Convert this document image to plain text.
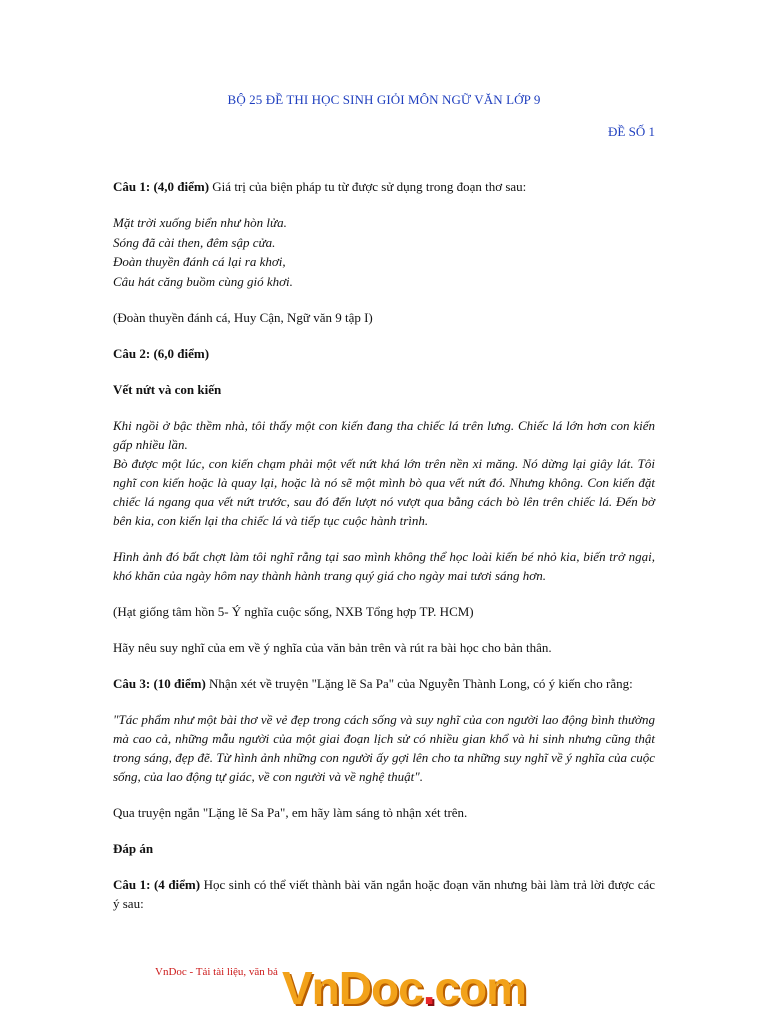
BỘ 25 ĐỀ THI HỌC SINH GIỎI MÔN NGỮ VĂN LỚP 9
ĐỀ SỐ 1

Câu 1: (4,0 điểm) Giá trị của biện pháp tu từ được sử dụng trong đoạn thơ sau:

Mặt trời xuống biển như hòn lửa.
Sóng đã cài then, đêm sập cửa.
Đoàn thuyền đánh cá lại ra khơi,
Câu hát căng buồm cùng gió khơi.

(Đoàn thuyền đánh cá, Huy Cận, Ngữ văn 9 tập I)

Câu 2: (6,0 điểm)

Vết nứt và con kiến

Khi ngồi ở bậc thềm nhà, tôi thấy một con kiến đang tha chiếc lá trên lưng. Chiếc lá lớn hơn con kiến gấp nhiều lần.
Bò được một lúc, con kiến chạm phải một vết nứt khá lớn trên nền xi măng. Nó dừng lại giây lát. Tôi nghĩ con kiến hoặc là quay lại, hoặc là nó sẽ một mình bò qua vết nứt đó. Nhưng không. Con kiến đặt chiếc lá ngang qua vết nứt trước, sau đó đến lượt nó vượt qua bằng cách bò lên trên chiếc lá. Đến bờ bên kia, con kiến lại tha chiếc lá và tiếp tục cuộc hành trình.

Hình ảnh đó bất chợt làm tôi nghĩ rằng tại sao mình không thể học loài kiến bé nhỏ kia, biến trở ngại, khó khăn của ngày hôm nay thành hành trang quý giá cho ngày mai tươi sáng hơn.

(Hạt giống tâm hồn 5- Ý nghĩa cuộc sống, NXB Tổng hợp TP. HCM)

Hãy nêu suy nghĩ của em về ý nghĩa của văn bản trên và rút ra bài học cho bản thân.

Câu 3: (10 điểm) Nhận xét về truyện "Lặng lẽ Sa Pa" của Nguyễn Thành Long, có ý kiến cho rằng:

"Tác phẩm như một bài thơ về vẻ đẹp trong cách sống và suy nghĩ của con người lao động bình thường mà cao cả, những mẫu người của một giai đoạn lịch sử có nhiều gian khổ và hi sinh nhưng cũng thật trong sáng, đẹp đẽ. Từ hình ảnh những con người ấy gợi lên cho ta những suy nghĩ về ý nghĩa của cuộc sống, của lao động tự giác, về con người và về nghệ thuật".

Qua truyện ngắn "Lặng lẽ Sa Pa", em hãy làm sáng tỏ nhận xét trên.

Đáp án

Câu 1: (4 điểm) Học sinh có thể viết thành bài văn ngắn hoặc đoạn văn nhưng bài làm trả lời được các ý sau:

VnDoc - Tải tài liệu, văn bả VnDoc.com
